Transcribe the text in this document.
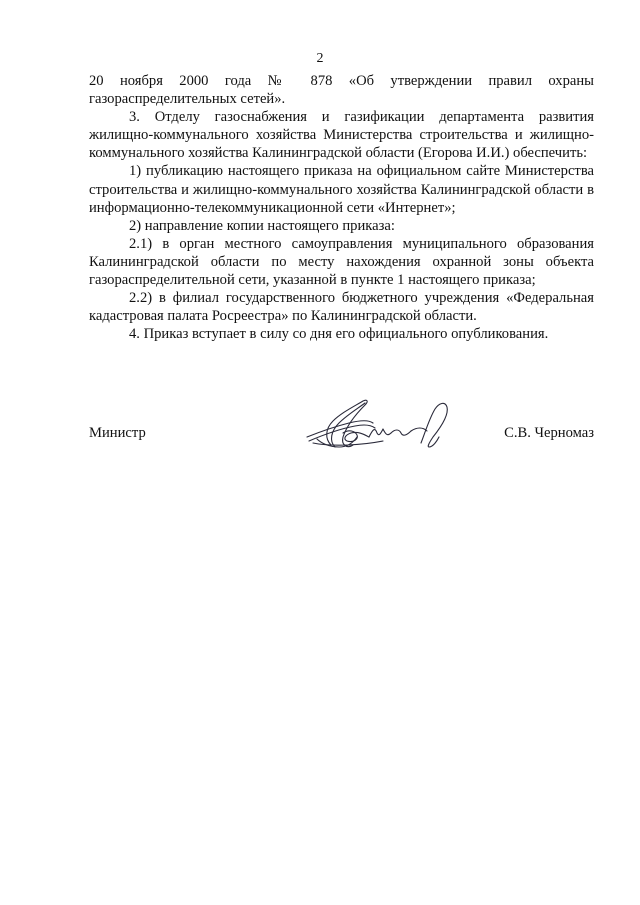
2

20 ноября 2000 года № 878 «Об утверждении правил охраны газораспределительных сетей».

3. Отделу газоснабжения и газификации департамента развития жилищно-коммунального хозяйства Министерства строительства и жилищно-коммунального хозяйства Калининградской области (Егорова И.И.) обеспечить:

1) публикацию настоящего приказа на официальном сайте Министерства строительства и жилищно-коммунального хозяйства Калининградской области в информационно-телекоммуникационной сети «Интернет»;

2) направление копии настоящего приказа:

2.1) в орган местного самоуправления муниципального образования Калининградской области по месту нахождения охранной зоны объекта газораспределительной сети, указанной в пункте 1 настоящего приказа;

2.2) в филиал государственного бюджетного учреждения «Федеральная кадастровая палата Росреестра» по Калининградской области.

4. Приказ вступает в силу со дня его официального опубликования.

Министр	С.В. Черномаз
